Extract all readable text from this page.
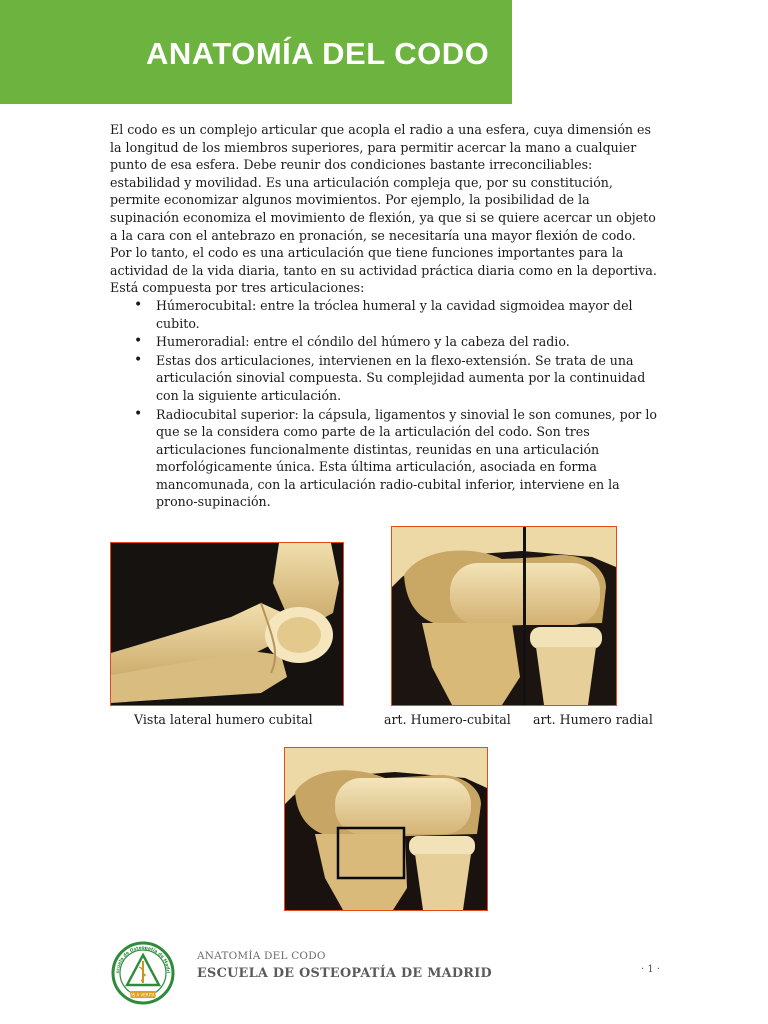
ANATOMÍA DEL CODO

El codo es un complejo articular que acopla el radio a una esfera, cuya dimensión es la longitud de los miembros superiores, para permitir acercar la mano a cualquier punto de esa esfera. Debe reunir dos condiciones bastante irreconciliables: estabilidad y movilidad. Es una articulación compleja que, por su constitución, permite economizar algunos movimientos. Por ejemplo, la posibilidad de la supinación economiza el movimiento de flexión, ya que si se quiere acercar un objeto a la cara con el antebrazo en pronación, se necesitaría una mayor flexión de codo. Por lo tanto, el codo es una articulación que tiene funciones importantes para la actividad de la vida diaria, tanto en su actividad práctica diaria como en la deportiva.

Está compuesta por tres articulaciones:

• Húmerocubital: entre la tróclea humeral y la cavidad sigmoidea mayor del cubito.
• Humeroradial: entre el cóndilo del húmero y la cabeza del radio.
• Estas dos articulaciones, intervienen en la flexo-extensión. Se trata de una articulación sinovial compuesta. Su complejidad aumenta por la continuidad con la siguiente articulación.
• Radiocubital superior: la cápsula, ligamentos y sinovial le son comunes, por lo que se la considera como parte de la articulación del codo. Son tres articulaciones funcionalmente distintas, reunidas en una articulación morfológicamente única. Esta última articulación, asociada en forma mancomunada, con la articulación radio-cubital inferior, interviene en la prono-supinación.
Vista lateral humero cubital	art. Humero-cubital art. Humero radial
VIS A VERITAS
scuela de Osteopatía de Madri
ANATOMÍA DEL CODO
ESCUELA DE OSTEOPATÍA DE MADRID	· 1 ·
